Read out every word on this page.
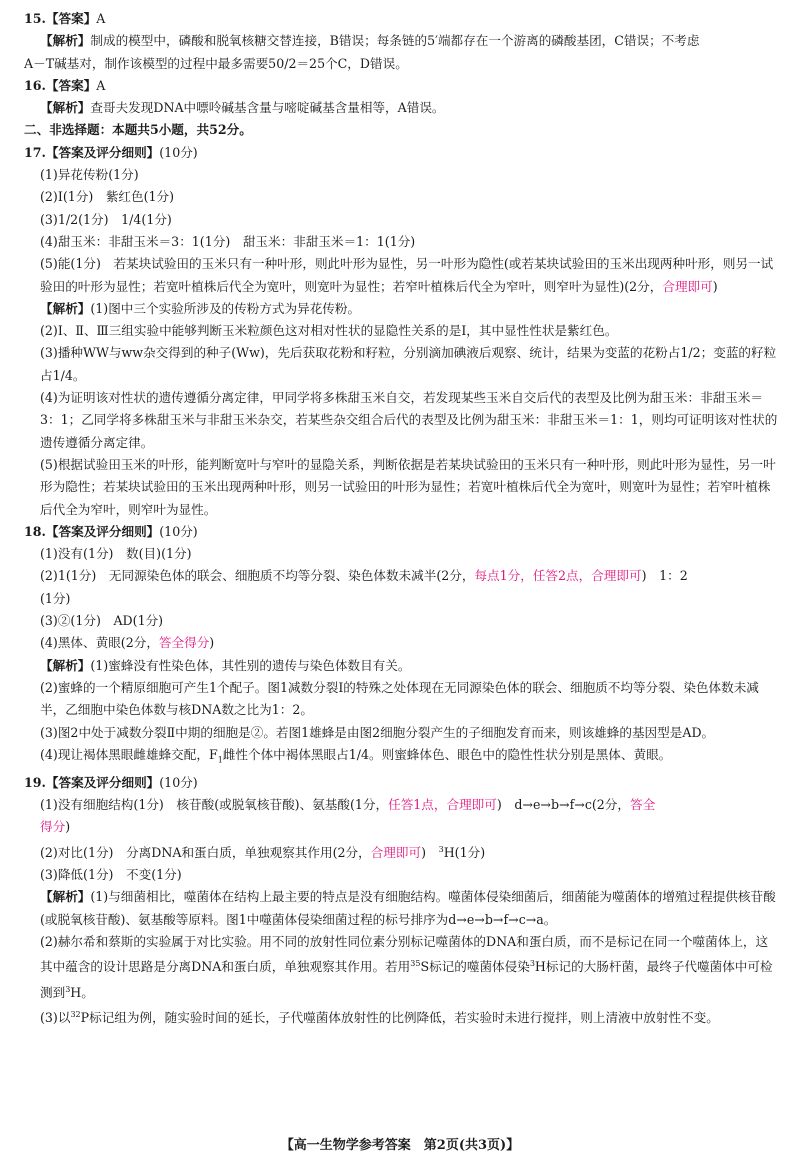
15.【答案】A
【解析】制成的模型中，磷酸和脱氧核糖交替连接，B错误；每条链的5′端都存在一个游离的磷酸基团，C错误；不考虑
A－T碱基对，制作该模型的过程中最多需要50/2＝25个C，D错误。
16.【答案】A
【解析】查哥夫发现DNA中嘌呤碱基含量与嘧啶碱基含量相等，A错误。
二、非选择题：本题共5小题，共52分。
17.【答案及评分细则】(10分)
(1)异花传粉(1分)
(2)Ⅰ(1分)　紫红色(1分)
(3)1/2(1分)　1/4(1分)
(4)甜玉米：非甜玉米＝3：1(1分)　甜玉米：非甜玉米＝1：1(1分)
(5)能(1分)　若某块试验田的玉米只有一种叶形，则此叶形为显性，另一叶形为隐性(或若某块试验田的玉米出现两种叶形，则另一试验田的叶形为显性；若宽叶植株后代全为宽叶，则宽叶为显性；若窄叶植株后代全为窄叶，则窄叶为显性)(2分，合理即可)
【解析】(1)图中三个实验所涉及的传粉方式为异花传粉。
(2)Ⅰ、Ⅱ、Ⅲ三组实验中能够判断玉米粒颜色这对相对性状的显隐性关系的是Ⅰ，其中显性性状是紫红色。
(3)播种WW与ww杂交得到的种子(Ww)，先后获取花粉和籽粒，分别滴加碘液后观察、统计，结果为变蓝的花粉占1/2；变蓝的籽粒占1/4。
(4)为证明该对性状的遗传遵循分离定律，甲同学将多株甜玉米自交，若发现某些玉米自交后代的表型及比例为甜玉米：非甜玉米＝3：1；乙同学将多株甜玉米与非甜玉米杂交，若某些杂交组合后代的表型及比例为甜玉米：非甜玉米＝1：1，则均可证明该对性状的遗传遵循分离定律。
(5)根据试验田玉米的叶形，能判断宽叶与窄叶的显隐关系，判断依据是若某块试验田的玉米只有一种叶形，则此叶形为显性，另一叶形为隐性；若某块试验田的玉米出现两种叶形，则另一试验田的叶形为显性；若宽叶植株后代全为宽叶，则宽叶为显性；若窄叶植株后代全为窄叶，则窄叶为显性。
18.【答案及评分细则】(10分)
(1)没有(1分)　数(目)(1分)
(2)1(1分)　无同源染色体的联会、细胞质不均等分裂、染色体数未减半(2分，每点1分，任答2点，合理即可)　1：2
(1分)
(3)②(1分)　AD(1分)
(4)黑体、黄眼(2分，答全得分)
【解析】(1)蜜蜂没有性染色体，其性别的遗传与染色体数目有关。
(2)蜜蜂的一个精原细胞可产生1个配子。图1减数分裂Ⅰ的特殊之处体现在无同源染色体的联会、细胞质不均等分裂、染色体数未减半，乙细胞中染色体数与核DNA数之比为1：2。
(3)图2中处于减数分裂Ⅱ中期的细胞是②。若图1雄蜂是由图2细胞分裂产生的子细胞发育而来，则该雄蜂的基因型是AD。
(4)现让褐体黑眼雌雄蜂交配，$F_1$雌性个体中褐体黑眼占1/4。则蜜蜂体色、眼色中的隐性性状分别是黑体、黄眼。
19.【答案及评分细则】(10分)
(1)没有细胞结构(1分)　核苷酸(或脱氧核苷酸)、氨基酸(1分，任答1点，合理即可)　d→e→b→f→c(2分，答全
得分)
(2)对比(1分)　分离DNA和蛋白质，单独观察其作用(2分，合理即可)　$^3$H(1分)
(3)降低(1分)　不变(1分)
【解析】(1)与细菌相比，噬菌体在结构上最主要的特点是没有细胞结构。噬菌体侵染细菌后，细菌能为噬菌体的增殖过程提供核苷酸(或脱氧核苷酸)、氨基酸等原料。图1中噬菌体侵染细菌过程的标号排序为d→e→b→f→c→a。
(2)赫尔希和蔡斯的实验属于对比实验。用不同的放射性同位素分别标记噬菌体的DNA和蛋白质，而不是标记在同一个噬菌体上，这其中蕴含的设计思路是分离DNA和蛋白质，单独观察其作用。若用$^{35}$S标记的噬菌体侵染$^3$H标记的大肠杆菌，最终子代噬菌体中可检测到$^3$H。
(3)以$^{32}$P标记组为例，随实验时间的延长，子代噬菌体放射性的比例降低，若实验时未进行搅拌，则上清液中放射性不变。
【高一生物学参考答案　第2页(共3页)】
